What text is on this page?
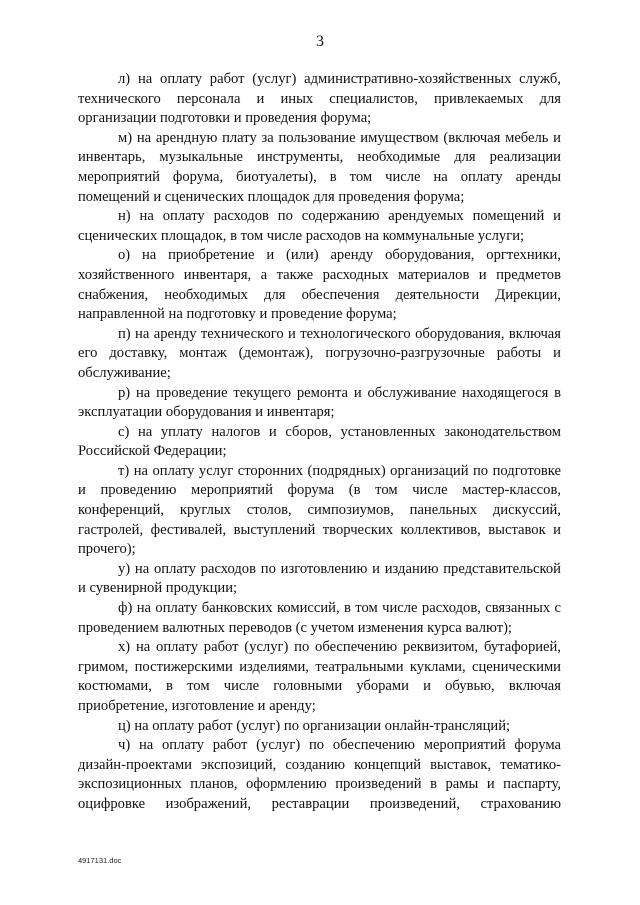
3

л) на оплату работ (услуг) административно-хозяйственных служб, технического персонала и иных специалистов, привлекаемых для организации подготовки и проведения форума;

м) на арендную плату за пользование имуществом (включая мебель и инвентарь, музыкальные инструменты, необходимые для реализации мероприятий форума, биотуалеты), в том числе на оплату аренды помещений и сценических площадок для проведения форума;

н) на оплату расходов по содержанию арендуемых помещений и сценических площадок, в том числе расходов на коммунальные услуги;

о) на приобретение и (или) аренду оборудования, оргтехники, хозяйственного инвентаря, а также расходных материалов и предметов снабжения, необходимых для обеспечения деятельности Дирекции, направленной на подготовку и проведение форума;

п) на аренду технического и технологического оборудования, включая его доставку, монтаж (демонтаж), погрузочно-разгрузочные работы и обслуживание;

р) на проведение текущего ремонта и обслуживание находящегося в эксплуатации оборудования и инвентаря;

с) на уплату налогов и сборов, установленных законодательством Российской Федерации;

т) на оплату услуг сторонних (подрядных) организаций по подготовке и проведению мероприятий форума (в том числе мастер-классов, конференций, круглых столов, симпозиумов, панельных дискуссий, гастролей, фестивалей, выступлений творческих коллективов, выставок и прочего);

у) на оплату расходов по изготовлению и изданию представительской и сувенирной продукции;

ф) на оплату банковских комиссий, в том числе расходов, связанных с проведением валютных переводов (с учетом изменения курса валют);

х) на оплату работ (услуг) по обеспечению реквизитом, бутафорией, гримом, постижерскими изделиями, театральными куклами, сценическими костюмами, в том числе головными уборами и обувью, включая приобретение, изготовление и аренду;

ц) на оплату работ (услуг) по организации онлайн-трансляций;

ч) на оплату работ (услуг) по обеспечению мероприятий форума дизайн-проектами экспозиций, созданию концепций выставок, тематико-экспозиционных планов, оформлению произведений в рамы и паспарту, оцифровке изображений, реставрации произведений, страхованию

4917131.doc
